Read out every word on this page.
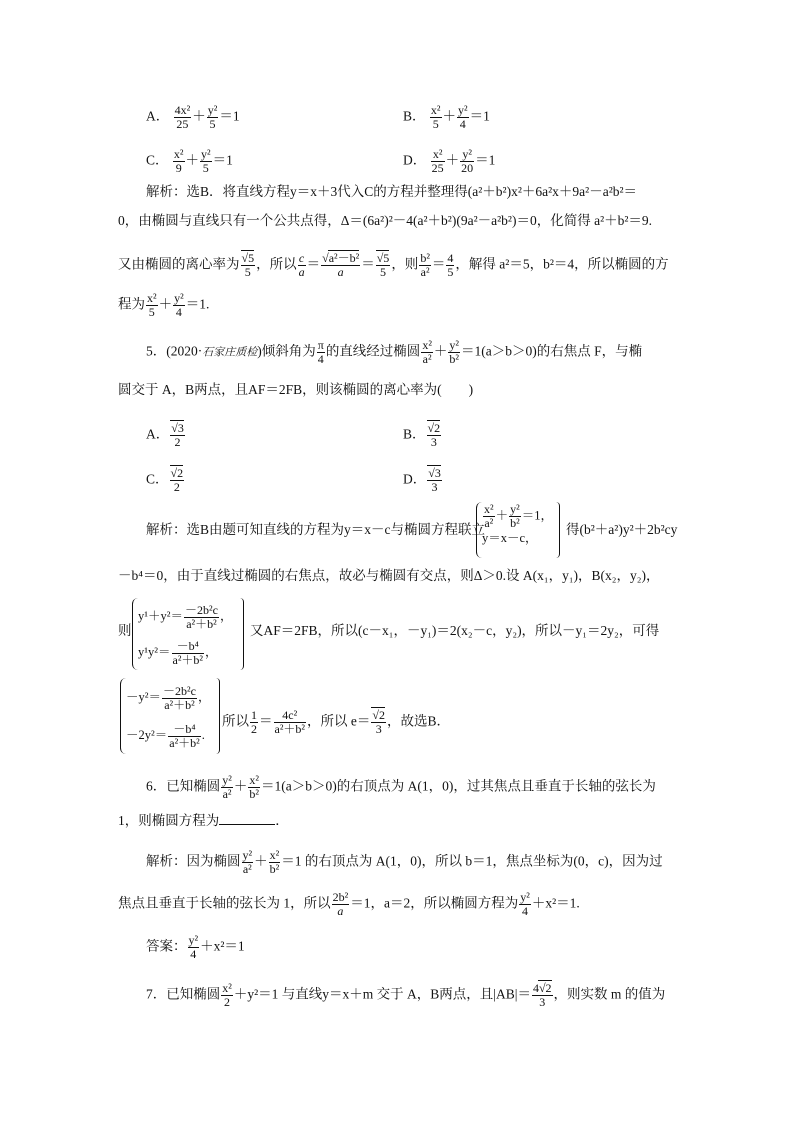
A． $\frac{\text{4x²}}{25} + \frac{\text{y²}}{5} =1$	B． $\frac{\text{x²}}{5} + \frac{\text{y²}}{4} =1$
C． $\frac{\text{x²}}{9} + \frac{\text{y²}}{5} =1$	D． $\frac{\text{x²}}{25} + \frac{\text{y²}}{20} =1$
解析：选B．将直线方程y＝x＋3代入C的方程并整理得(a²＋b²)x²＋6a²x＋9a²－a²b²＝
0，由椭圆与直线只有一个公共点得，Δ＝(6a²)²－4(a²＋b²)(9a²－a²b²)＝0，化简得 a²＋b²＝9.
又由椭圆的离心率为 $\frac{√5}{5}$ ，所以 $\frac{c}{a} = \frac{\text{√a²－b²}}{a} = \frac{√5}{5}$ ，则 $\frac{\text{b²}}{\text{a²}} = \frac{4}{5}$ ，解得 a²＝5，b²＝4，所以椭圆的方
程为 $\frac{\text{x²}}{5} + \frac{\text{y²}}{4} =1$.
5．(2020·石家庄质检)倾斜角为 $\frac{\pi}{4}$ 的直线经过椭圆 $\frac{\text{x²}}{\text{a²}} + \frac{\text{y²}}{\text{b²}} =1(a>b>0)$的右焦点 F，与椭
圆交于 A，B两点，且AF＝2FB，则该椭圆的离心率为(　　)
A． $\frac{√3}{2}$	B． $\frac{√2}{3}$
C． $\frac{√2}{2}$	D． $\frac{√3}{3}$
解析：选B由题可知直线的方程为y＝x－c与椭圆方程联立
$\frac{\text{x²}}{\text{a²}} + \frac{\text{y²}}{\text{b²}} =1$，
y＝x－c，
得(b²＋a²)y²＋2b²cy
－b⁴＝0，由于直线过椭圆的右焦点，故必与椭圆有交点，则Δ＞0.设 A(x₁，y₁)，B(x₂，y₂)，
则
$y^1+y^2= \frac{\text{－2b²c}}{\text{a²＋b²}}$ ，
$y^1y^2= \frac{\text{－b⁴}}{\text{a²＋b²}}$ ，
又AF＝2FB，所以(c－x₁，－y₁)＝2(x₂－c，y₂)，所以－y₁＝2y₂，可得
$-y^2= \frac{\text{－2b²c}}{\text{a²＋b²}}$ ，
$-2y^2= \frac{\text{－b⁴}}{\text{a²＋b²}}$ .
所以 $\frac{1}{2} = \frac{\text{4c²}}{\text{a²＋b²}}$ ，所以 $e= \frac{√2}{3}$ ，故选B．
6．已知椭圆 $\frac{\text{y²}}{\text{a²}} + \frac{\text{x²}}{\text{b²}} =1(a>b>0)$的右顶点为 A(1，0)，过其焦点且垂直于长轴的弦长为
1，则椭圆方程为	．
解析：因为椭圆 $\frac{\text{y²}}{\text{a²}} + \frac{\text{x²}}{\text{b²}} =1$ 的右顶点为 A(1，0)，所以 b＝1，焦点坐标为(0，c)，因为过
焦点且垂直于长轴的弦长为 1，所以 $\frac{\text{2b²}}{a} =1$，a＝2，所以椭圆方程为 $\frac{\text{y²}}{4} +x^2=1$.
答案： $\frac{\text{y²}}{4} +x^2=1$
7．已知椭圆 $\frac{\text{x²}}{2} +y^2=1$ 与直线y＝x＋m 交于 A，B两点，且$|AB|= \frac{4√2}{3}$ ，则实数 m 的值为
